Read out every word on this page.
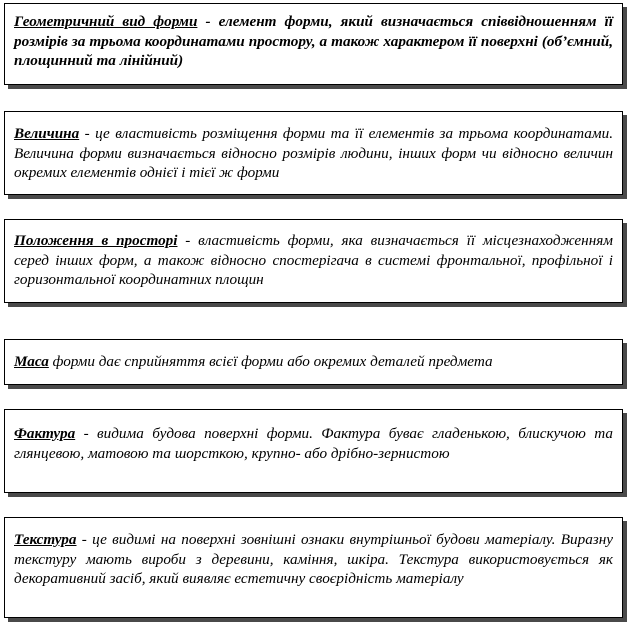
Геометричний вид форми - елемент форми, який визначається співвідношенням її розмірів за трьома координатами простору, а також характером її поверхні (об’ємний, площинний та лінійний)
Величина - це властивість розміщення форми та її елементів за трьома координатами. Величина форми визначається відносно розмірів людини, інших форм чи відносно величин окремих елементів однієї і тієї ж форми
Положення в просторі - властивість форми, яка визначається її місцезнаходженням серед інших форм, а також відносно спостерігача в системі фронтальної, профільної і горизонтальної координатних площин
Маса форми дає сприйняття всієї форми або окремих деталей предмета
Фактура - видима будова поверхні форми. Фактура буває гладенькою, блискучою та глянцевою, матовою та шорсткою, крупно- або дрібно-зернистою
Текстура - це видимі на поверхні зовнішні ознаки внутрішньої будови матеріалу. Виразну текстуру мають вироби з деревини, каміння, шкіра. Текстура використовується як декоративний засіб, який виявляє естетичну своєрідність матеріалу
